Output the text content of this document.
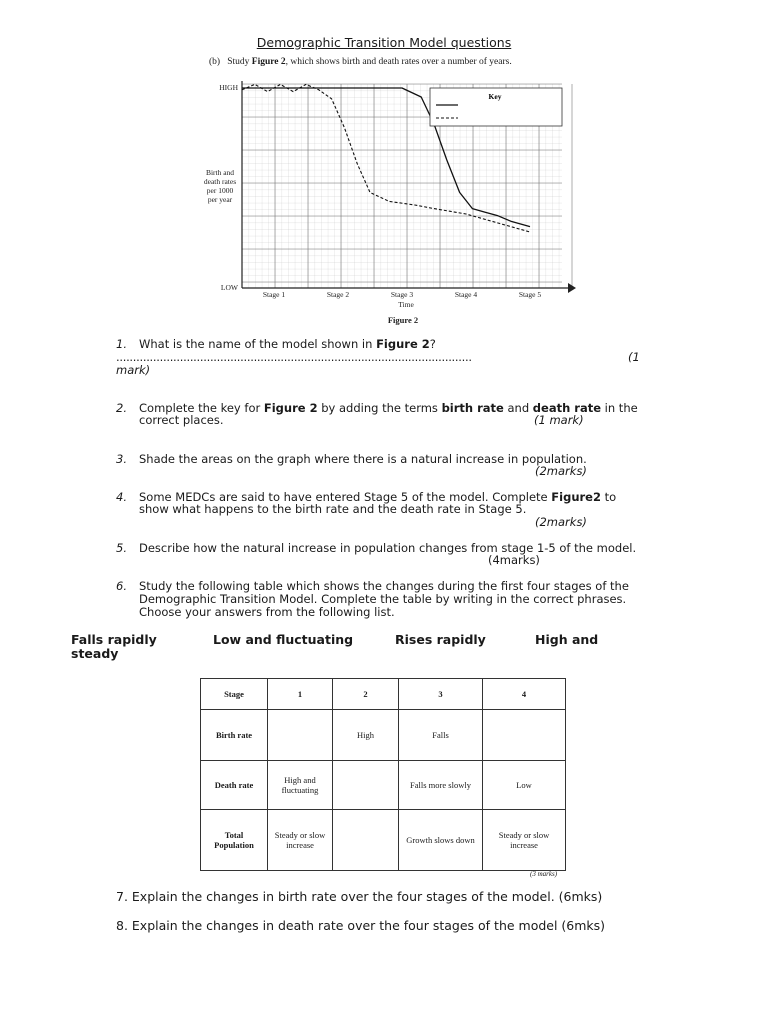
Demographic Transition Model questions
(b) Study Figure 2, which shows birth and death rates over a number of years.
HIGH
LOW
Birth and
death rates
per 1000
per year
Stage 1	Stage 2	Stage 3	Stage 4	Stage 5
Time
Figure 2
Key
1. What is the name of the model shown in Figure 2?
..........................................................................................................	(1
mark)
2. Complete the key for Figure 2 by adding the terms birth rate and death rate in the
correct places.	(1 mark)
3. Shade the areas on the graph where there is a natural increase in population.
(2marks)
4. Some MEDCs are said to have entered Stage 5 of the model. Complete Figure2 to
show what happens to the birth rate and the death rate in Stage 5.
(2marks)
5. Describe how the natural increase in population changes from stage 1-5 of the model.
(4marks)
6. Study the following table which shows the changes during the first four stages of the
Demographic Transition Model. Complete the table by writing in the correct phrases.
Choose your answers from the following list.
Falls rapidly	Low and fluctuating	Rises rapidly	High and
steady
Stage	1	2	3	4
Birth rate		High	Falls	
Death rate	High and fluctuating		Falls more slowly	Low
Total Population	Steady or slow increase		Growth slows down	Steady or slow increase
(3 marks)
7. Explain the changes in birth rate over the four stages of the model. (6mks)
8. Explain the changes in death rate over the four stages of the model (6mks)
